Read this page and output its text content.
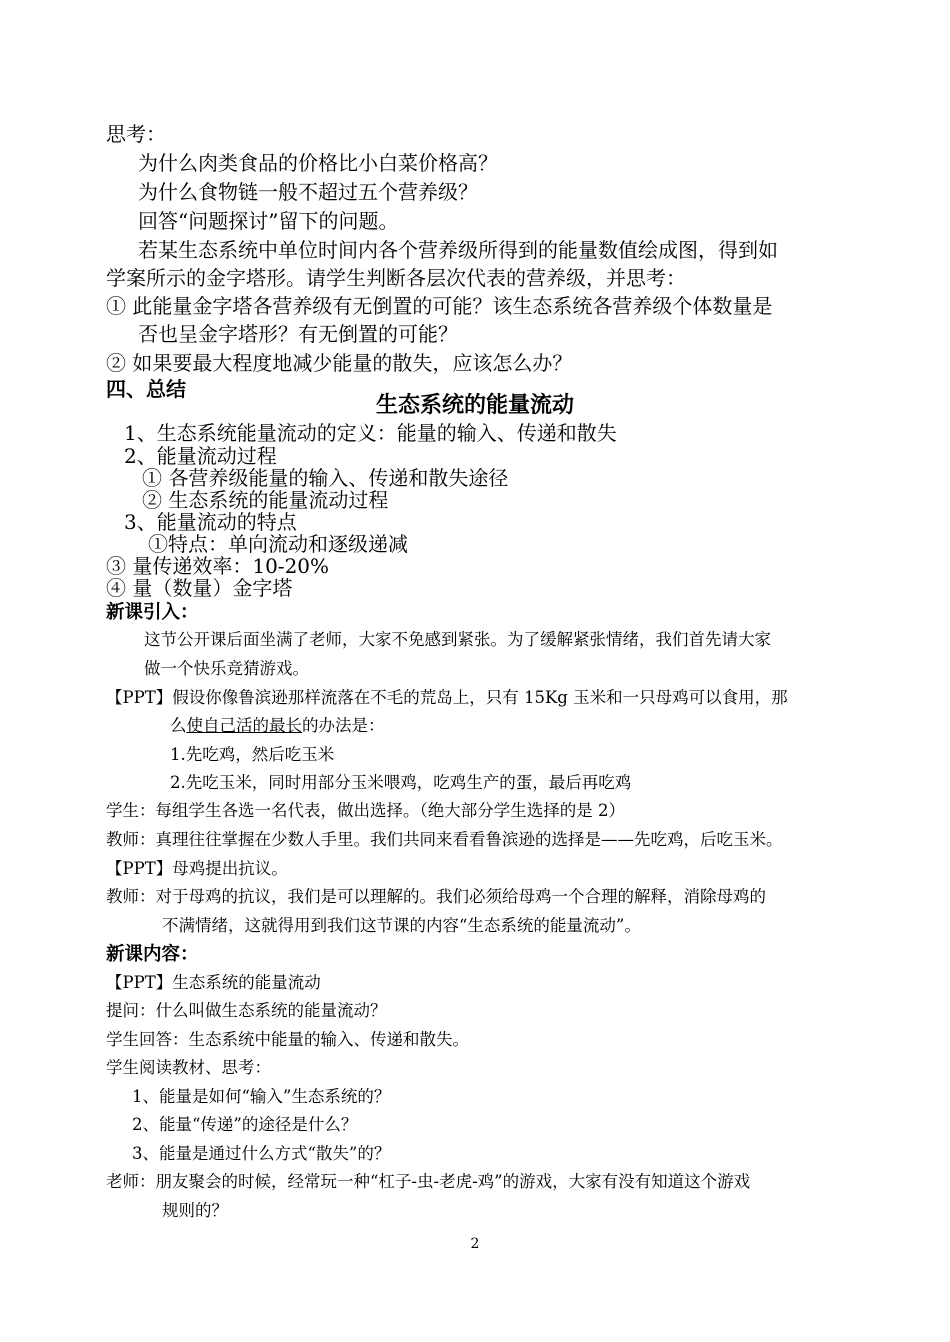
思考：
为什么肉类食品的价格比小白菜价格高？
为什么食物链一般不超过五个营养级？
回答“问题探讨”留下的问题。
若某生态系统中单位时间内各个营养级所得到的能量数值绘成图，得到如
学案所示的金字塔形。请学生判断各层次代表的营养级，并思考：
① 此能量金字塔各营养级有无倒置的可能？该生态系统各营养级个体数量是
否也呈金字塔形？有无倒置的可能？
② 如果要最大程度地减少能量的散失，应该怎么办？
四、总结
生态系统的能量流动
1、生态系统能量流动的定义：能量的输入、传递和散失
2、能量流动过程
① 各营养级能量的输入、传递和散失途径
② 生态系统的能量流动过程
3、能量流动的特点
①特点：单向流动和逐级递减
③ 量传递效率：10-20%
④ 量（数量）金字塔
新课引入：
这节公开课后面坐满了老师，大家不免感到紧张。为了缓解紧张情绪，我们首先请大家
做一个快乐竞猜游戏。
【PPT】假设你像鲁滨逊那样流落在不毛的荒岛上，只有 15Kg 玉米和一只母鸡可以食用，那
么使自己活的最长的办法是：
1.先吃鸡，然后吃玉米
2.先吃玉米，同时用部分玉米喂鸡，吃鸡生产的蛋，最后再吃鸡
学生：每组学生各选一名代表，做出选择。（绝大部分学生选择的是 2）
教师：真理往往掌握在少数人手里。我们共同来看看鲁滨逊的选择是——先吃鸡，后吃玉米。
【PPT】母鸡提出抗议。
教师：对于母鸡的抗议，我们是可以理解的。我们必须给母鸡一个合理的解释，消除母鸡的
不满情绪，这就得用到我们这节课的内容“生态系统的能量流动”。
新课内容：
【PPT】生态系统的能量流动
提问：什么叫做生态系统的能量流动？
学生回答：生态系统中能量的输入、传递和散失。
学生阅读教材、思考：
1、能量是如何“输入”生态系统的？
2、能量“传递”的途径是什么？
3、能量是通过什么方式“散失”的？
老师：朋友聚会的时候，经常玩一种“杠子-虫-老虎-鸡”的游戏，大家有没有知道这个游戏
规则的？
2
